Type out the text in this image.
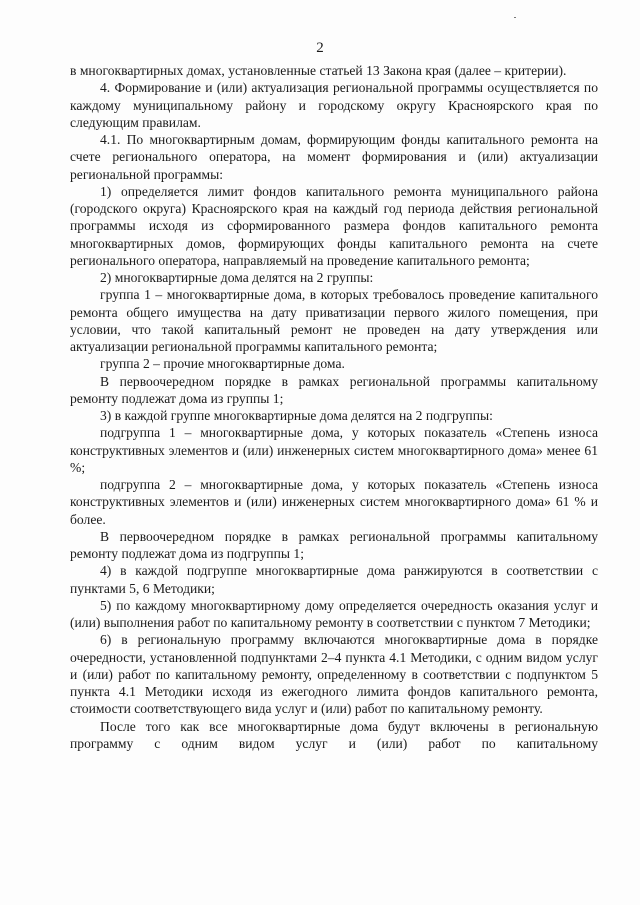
2

в многоквартирных домах, установленные статьей 13 Закона края (далее – критерии).

4. Формирование и (или) актуализация региональной программы осуществляется по каждому муниципальному району и городскому округу Красноярского края по следующим правилам.

4.1. По многоквартирным домам, формирующим фонды капитального ремонта на счете регионального оператора, на момент формирования и (или) актуализации региональной программы:

1) определяется лимит фондов капитального ремонта муниципального района (городского округа) Красноярского края на каждый год периода действия региональной программы исходя из сформированного размера фондов капитального ремонта многоквартирных домов, формирующих фонды капитального ремонта на счете регионального оператора, направляемый на проведение капитального ремонта;

2) многоквартирные дома делятся на 2 группы:

группа 1 – многоквартирные дома, в которых требовалось проведение капитального ремонта общего имущества на дату приватизации первого жилого помещения, при условии, что такой капитальный ремонт не проведен на дату утверждения или актуализации региональной программы капитального ремонта;

группа 2 – прочие многоквартирные дома.

В первоочередном порядке в рамках региональной программы капитальному ремонту подлежат дома из группы 1;

3) в каждой группе многоквартирные дома делятся на 2 подгруппы:

подгруппа 1 – многоквартирные дома, у которых показатель «Степень износа конструктивных элементов и (или) инженерных систем многоквартирного дома» менее 61 %;

подгруппа 2 – многоквартирные дома, у которых показатель «Степень износа конструктивных элементов и (или) инженерных систем многоквартирного дома» 61 % и более.

В первоочередном порядке в рамках региональной программы капитальному ремонту подлежат дома из подгруппы 1;

4) в каждой подгруппе многоквартирные дома ранжируются в соответствии с пунктами 5, 6 Методики;

5) по каждому многоквартирному дому определяется очередность оказания услуг и (или) выполнения работ по капитальному ремонту в соответствии с пунктом 7 Методики;

6) в региональную программу включаются многоквартирные дома в порядке очередности, установленной подпунктами 2–4 пункта 4.1 Методики, с одним видом услуг и (или) работ по капитальному ремонту, определенному в соответствии с подпунктом 5 пункта 4.1 Методики исходя из ежегодного лимита фондов капитального ремонта, стоимости соответствующего вида услуг и (или) работ по капитальному ремонту.

После того как все многоквартирные дома будут включены в региональную программу с одним видом услуг и (или) работ по капитальному
